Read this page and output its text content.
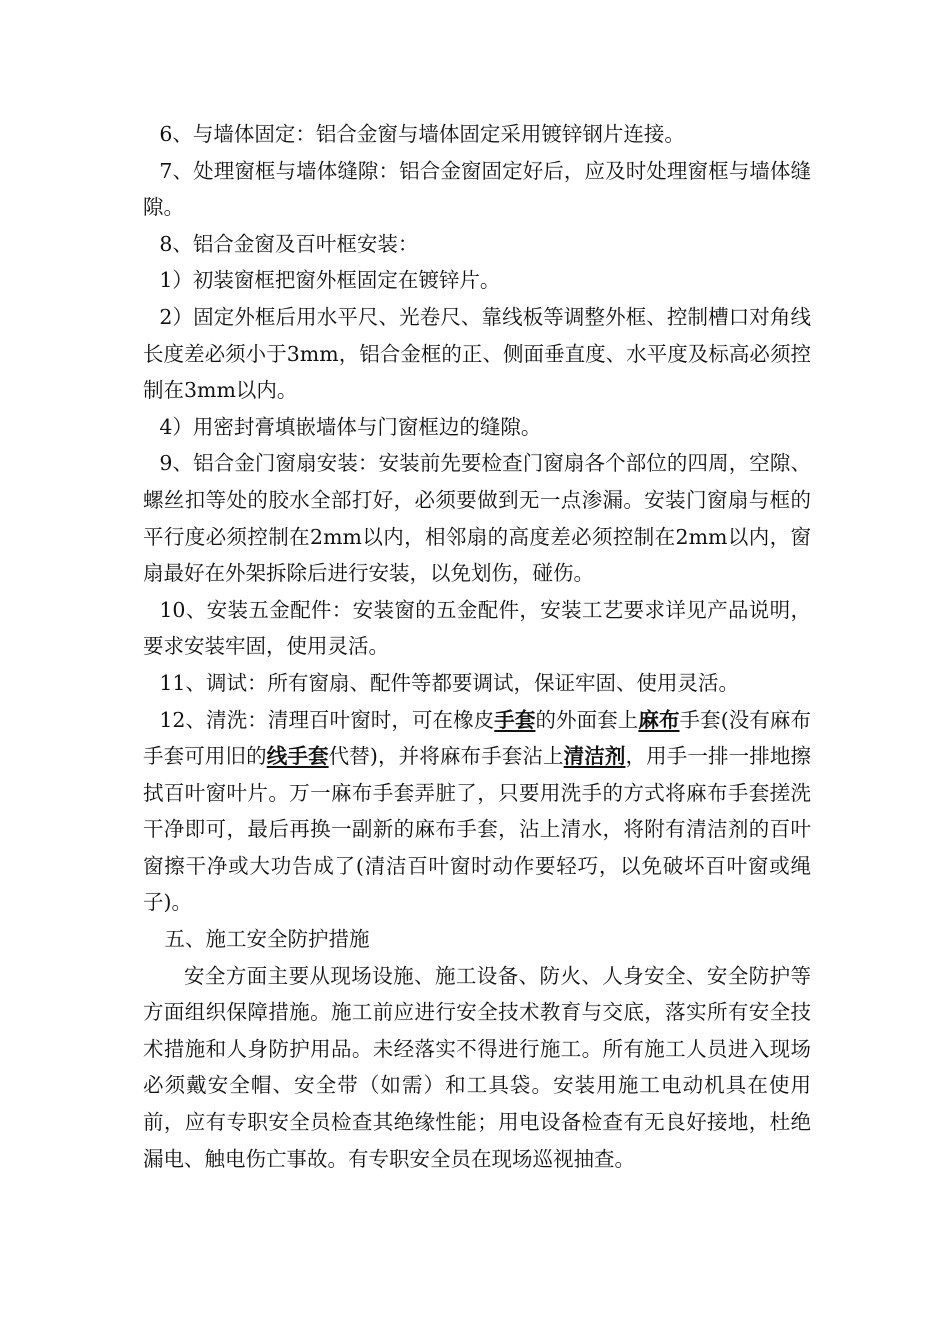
6、与墙体固定：铝合金窗与墙体固定采用镀锌钢片连接。

7、处理窗框与墙体缝隙：铝合金窗固定好后，应及时处理窗框与墙体缝隙。

8、铝合金窗及百叶框安装：

1）初装窗框把窗外框固定在镀锌片。

2）固定外框后用水平尺、光卷尺、靠线板等调整外框、控制槽口对角线长度差必须小于3mm，铝合金框的正、侧面垂直度、水平度及标高必须控制在3mm以内。

4）用密封膏填嵌墙体与门窗框边的缝隙。

9、铝合金门窗扇安装：安装前先要检查门窗扇各个部位的四周，空隙、螺丝扣等处的胶水全部打好，必须要做到无一点渗漏。安装门窗扇与框的平行度必须控制在2mm以内，相邻扇的高度差必须控制在2mm以内，窗扇最好在外架拆除后进行安装，以免划伤，碰伤。

10、安装五金配件：安装窗的五金配件，安装工艺要求详见产品说明，要求安装牢固，使用灵活。

11、调试：所有窗扇、配件等都要调试，保证牢固、使用灵活。

12、清洗：清理百叶窗时，可在橡皮手套的外面套上麻布手套(没有麻布手套可用旧的线手套代替)，并将麻布手套沾上清洁剂，用手一排一排地擦拭百叶窗叶片。万一麻布手套弄脏了，只要用洗手的方式将麻布手套搓洗干净即可，最后再换一副新的麻布手套，沾上清水，将附有清洁剂的百叶窗擦干净或大功告成了(清洁百叶窗时动作要轻巧，以免破坏百叶窗或绳子)。

五、施工安全防护措施

安全方面主要从现场设施、施工设备、防火、人身安全、安全防护等方面组织保障措施。施工前应进行安全技术教育与交底，落实所有安全技术措施和人身防护用品。未经落实不得进行施工。所有施工人员进入现场必须戴安全帽、安全带（如需）和工具袋。安装用施工电动机具在使用前，应有专职安全员检查其绝缘性能；用电设备检查有无良好接地，杜绝漏电、触电伤亡事故。有专职安全员在现场巡视抽查。
